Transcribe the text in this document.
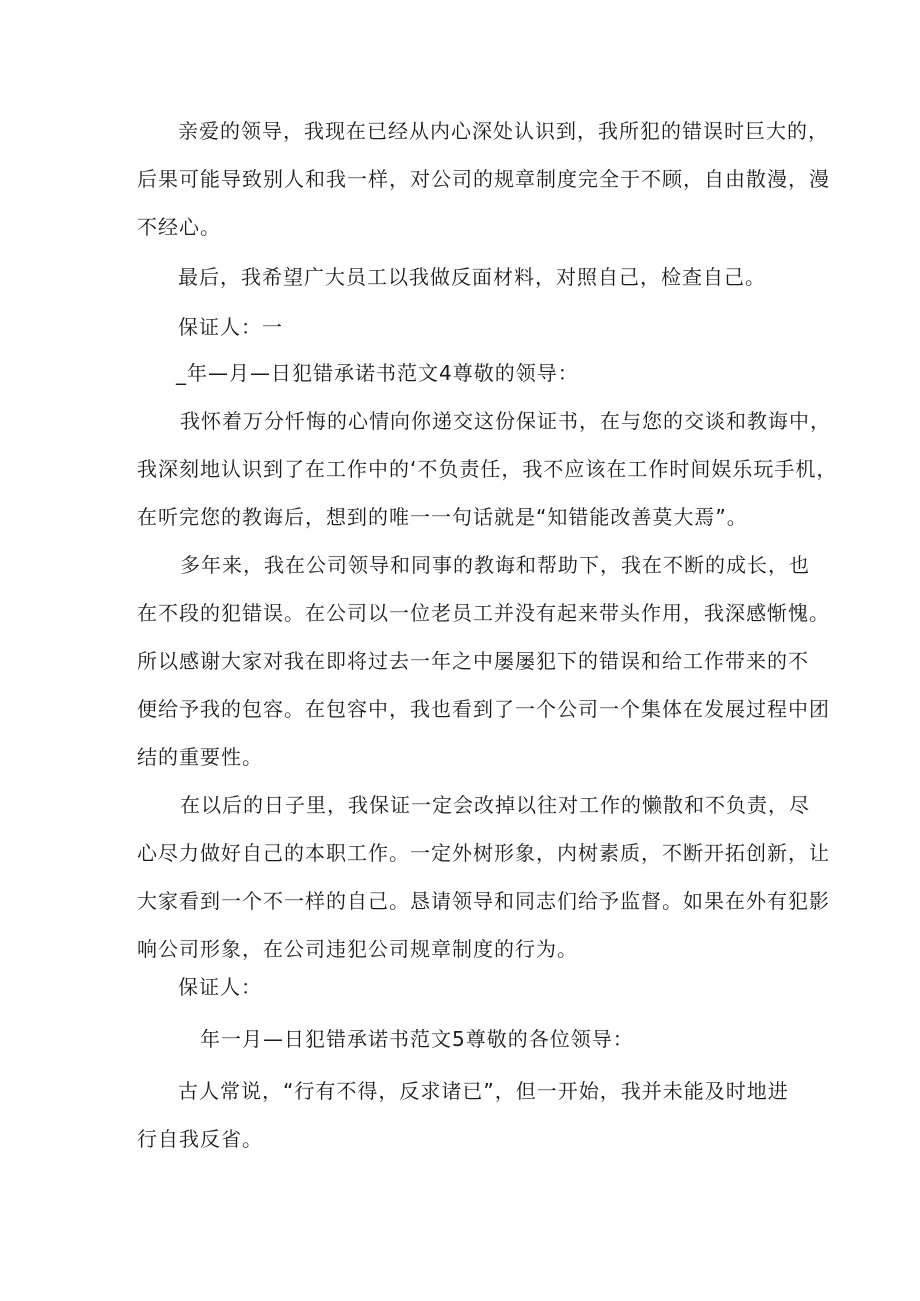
亲爱的领导，我现在已经从内心深处认识到，我所犯的错误时巨大的，
后果可能导致别人和我一样，对公司的规章制度完全于不顾，自由散漫，漫
不经心。
最后，我希望广大员工以我做反面材料，对照自己，检查自己。
保证人：一
_年—月—日犯错承诺书范文4尊敬的领导：
我怀着万分忏悔的心情向你递交这份保证书，在与您的交谈和教诲中，
我深刻地认识到了在工作中的‘不负责任，我不应该在工作时间娱乐玩手机，
在听完您的教诲后，想到的唯一一句话就是“知错能改善莫大焉”。
多年来，我在公司领导和同事的教诲和帮助下，我在不断的成长，也
在不段的犯错误。在公司以一位老员工并没有起来带头作用，我深感惭愧。
所以感谢大家对我在即将过去一年之中屡屡犯下的错误和给工作带来的不
便给予我的包容。在包容中，我也看到了一个公司一个集体在发展过程中团
结的重要性。
在以后的日子里，我保证一定会改掉以往对工作的懒散和不负责，尽
心尽力做好自己的本职工作。一定外树形象，内树素质，不断开拓创新，让
大家看到一个不一样的自己。恳请领导和同志们给予监督。如果在外有犯影
响公司形象，在公司违犯公司规章制度的行为。
保证人：
年一月—日犯错承诺书范文5尊敬的各位领导：
古人常说，“行有不得，反求诸已”，但一开始，我并未能及时地进
行自我反省。
